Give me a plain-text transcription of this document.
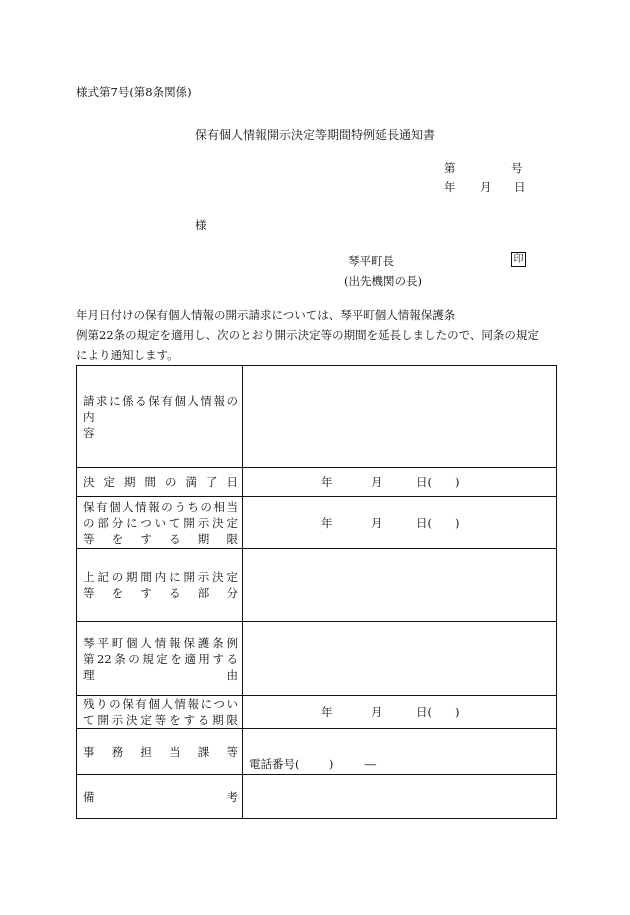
様式第7号(第8条関係)
保有個人情報開示決定等期間特例延長通知書
第	号
年 月 日
様
琴平町長	印
(出先機関の長)
年月日付けの保有個人情報の開示請求については、琴平町個人情報保護条
例第22条の規定を適用し、次のとおり開示決定等の期間を延長しましたので、同条の規定
により通知します。
請求に係る保有個人情報の
内　　　　　　　　　　　　容	

決定期間の満了日	年 月 日( )

保有個人情報のうちの相当
の部分について開示決定
等をする期限	年 月 日( )

上記の期間内に開示決定
等をする部分	

琴平町個人情報保護条例
第22条の規定を適用する
理　　　　　　　　　　　由	

残りの保有個人情報につい
て開示決定等をする期限	年 月 日( )

事務担当課等	電話番号( ) ―

備考	
